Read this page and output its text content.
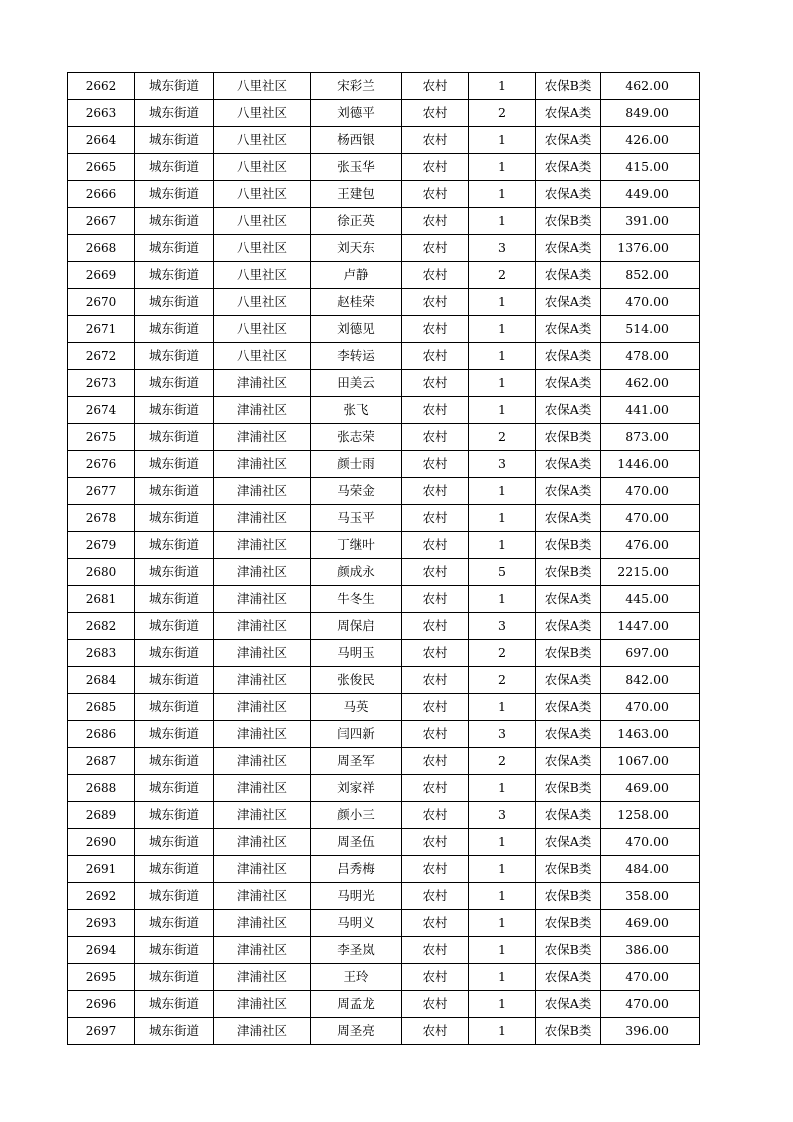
2662	城东街道	八里社区	宋彩兰	农村	1	农保B类	462.00
2663	城东街道	八里社区	刘德平	农村	2	农保A类	849.00
2664	城东街道	八里社区	杨西银	农村	1	农保A类	426.00
2665	城东街道	八里社区	张玉华	农村	1	农保A类	415.00
2666	城东街道	八里社区	王建包	农村	1	农保A类	449.00
2667	城东街道	八里社区	徐正英	农村	1	农保B类	391.00
2668	城东街道	八里社区	刘天东	农村	3	农保A类	1376.00
2669	城东街道	八里社区	卢静	农村	2	农保A类	852.00
2670	城东街道	八里社区	赵桂荣	农村	1	农保A类	470.00
2671	城东街道	八里社区	刘德见	农村	1	农保A类	514.00
2672	城东街道	八里社区	李转运	农村	1	农保A类	478.00
2673	城东街道	津浦社区	田美云	农村	1	农保A类	462.00
2674	城东街道	津浦社区	张飞	农村	1	农保A类	441.00
2675	城东街道	津浦社区	张志荣	农村	2	农保B类	873.00
2676	城东街道	津浦社区	颜士雨	农村	3	农保A类	1446.00
2677	城东街道	津浦社区	马荣金	农村	1	农保A类	470.00
2678	城东街道	津浦社区	马玉平	农村	1	农保A类	470.00
2679	城东街道	津浦社区	丁继叶	农村	1	农保B类	476.00
2680	城东街道	津浦社区	颜成永	农村	5	农保B类	2215.00
2681	城东街道	津浦社区	牛冬生	农村	1	农保A类	445.00
2682	城东街道	津浦社区	周保启	农村	3	农保A类	1447.00
2683	城东街道	津浦社区	马明玉	农村	2	农保B类	697.00
2684	城东街道	津浦社区	张俊民	农村	2	农保A类	842.00
2685	城东街道	津浦社区	马英	农村	1	农保A类	470.00
2686	城东街道	津浦社区	闫四新	农村	3	农保A类	1463.00
2687	城东街道	津浦社区	周圣军	农村	2	农保A类	1067.00
2688	城东街道	津浦社区	刘家祥	农村	1	农保B类	469.00
2689	城东街道	津浦社区	颜小三	农村	3	农保A类	1258.00
2690	城东街道	津浦社区	周圣伍	农村	1	农保A类	470.00
2691	城东街道	津浦社区	吕秀梅	农村	1	农保B类	484.00
2692	城东街道	津浦社区	马明光	农村	1	农保B类	358.00
2693	城东街道	津浦社区	马明义	农村	1	农保B类	469.00
2694	城东街道	津浦社区	李圣岚	农村	1	农保B类	386.00
2695	城东街道	津浦社区	王玲	农村	1	农保A类	470.00
2696	城东街道	津浦社区	周孟龙	农村	1	农保A类	470.00
2697	城东街道	津浦社区	周圣亮	农村	1	农保B类	396.00
